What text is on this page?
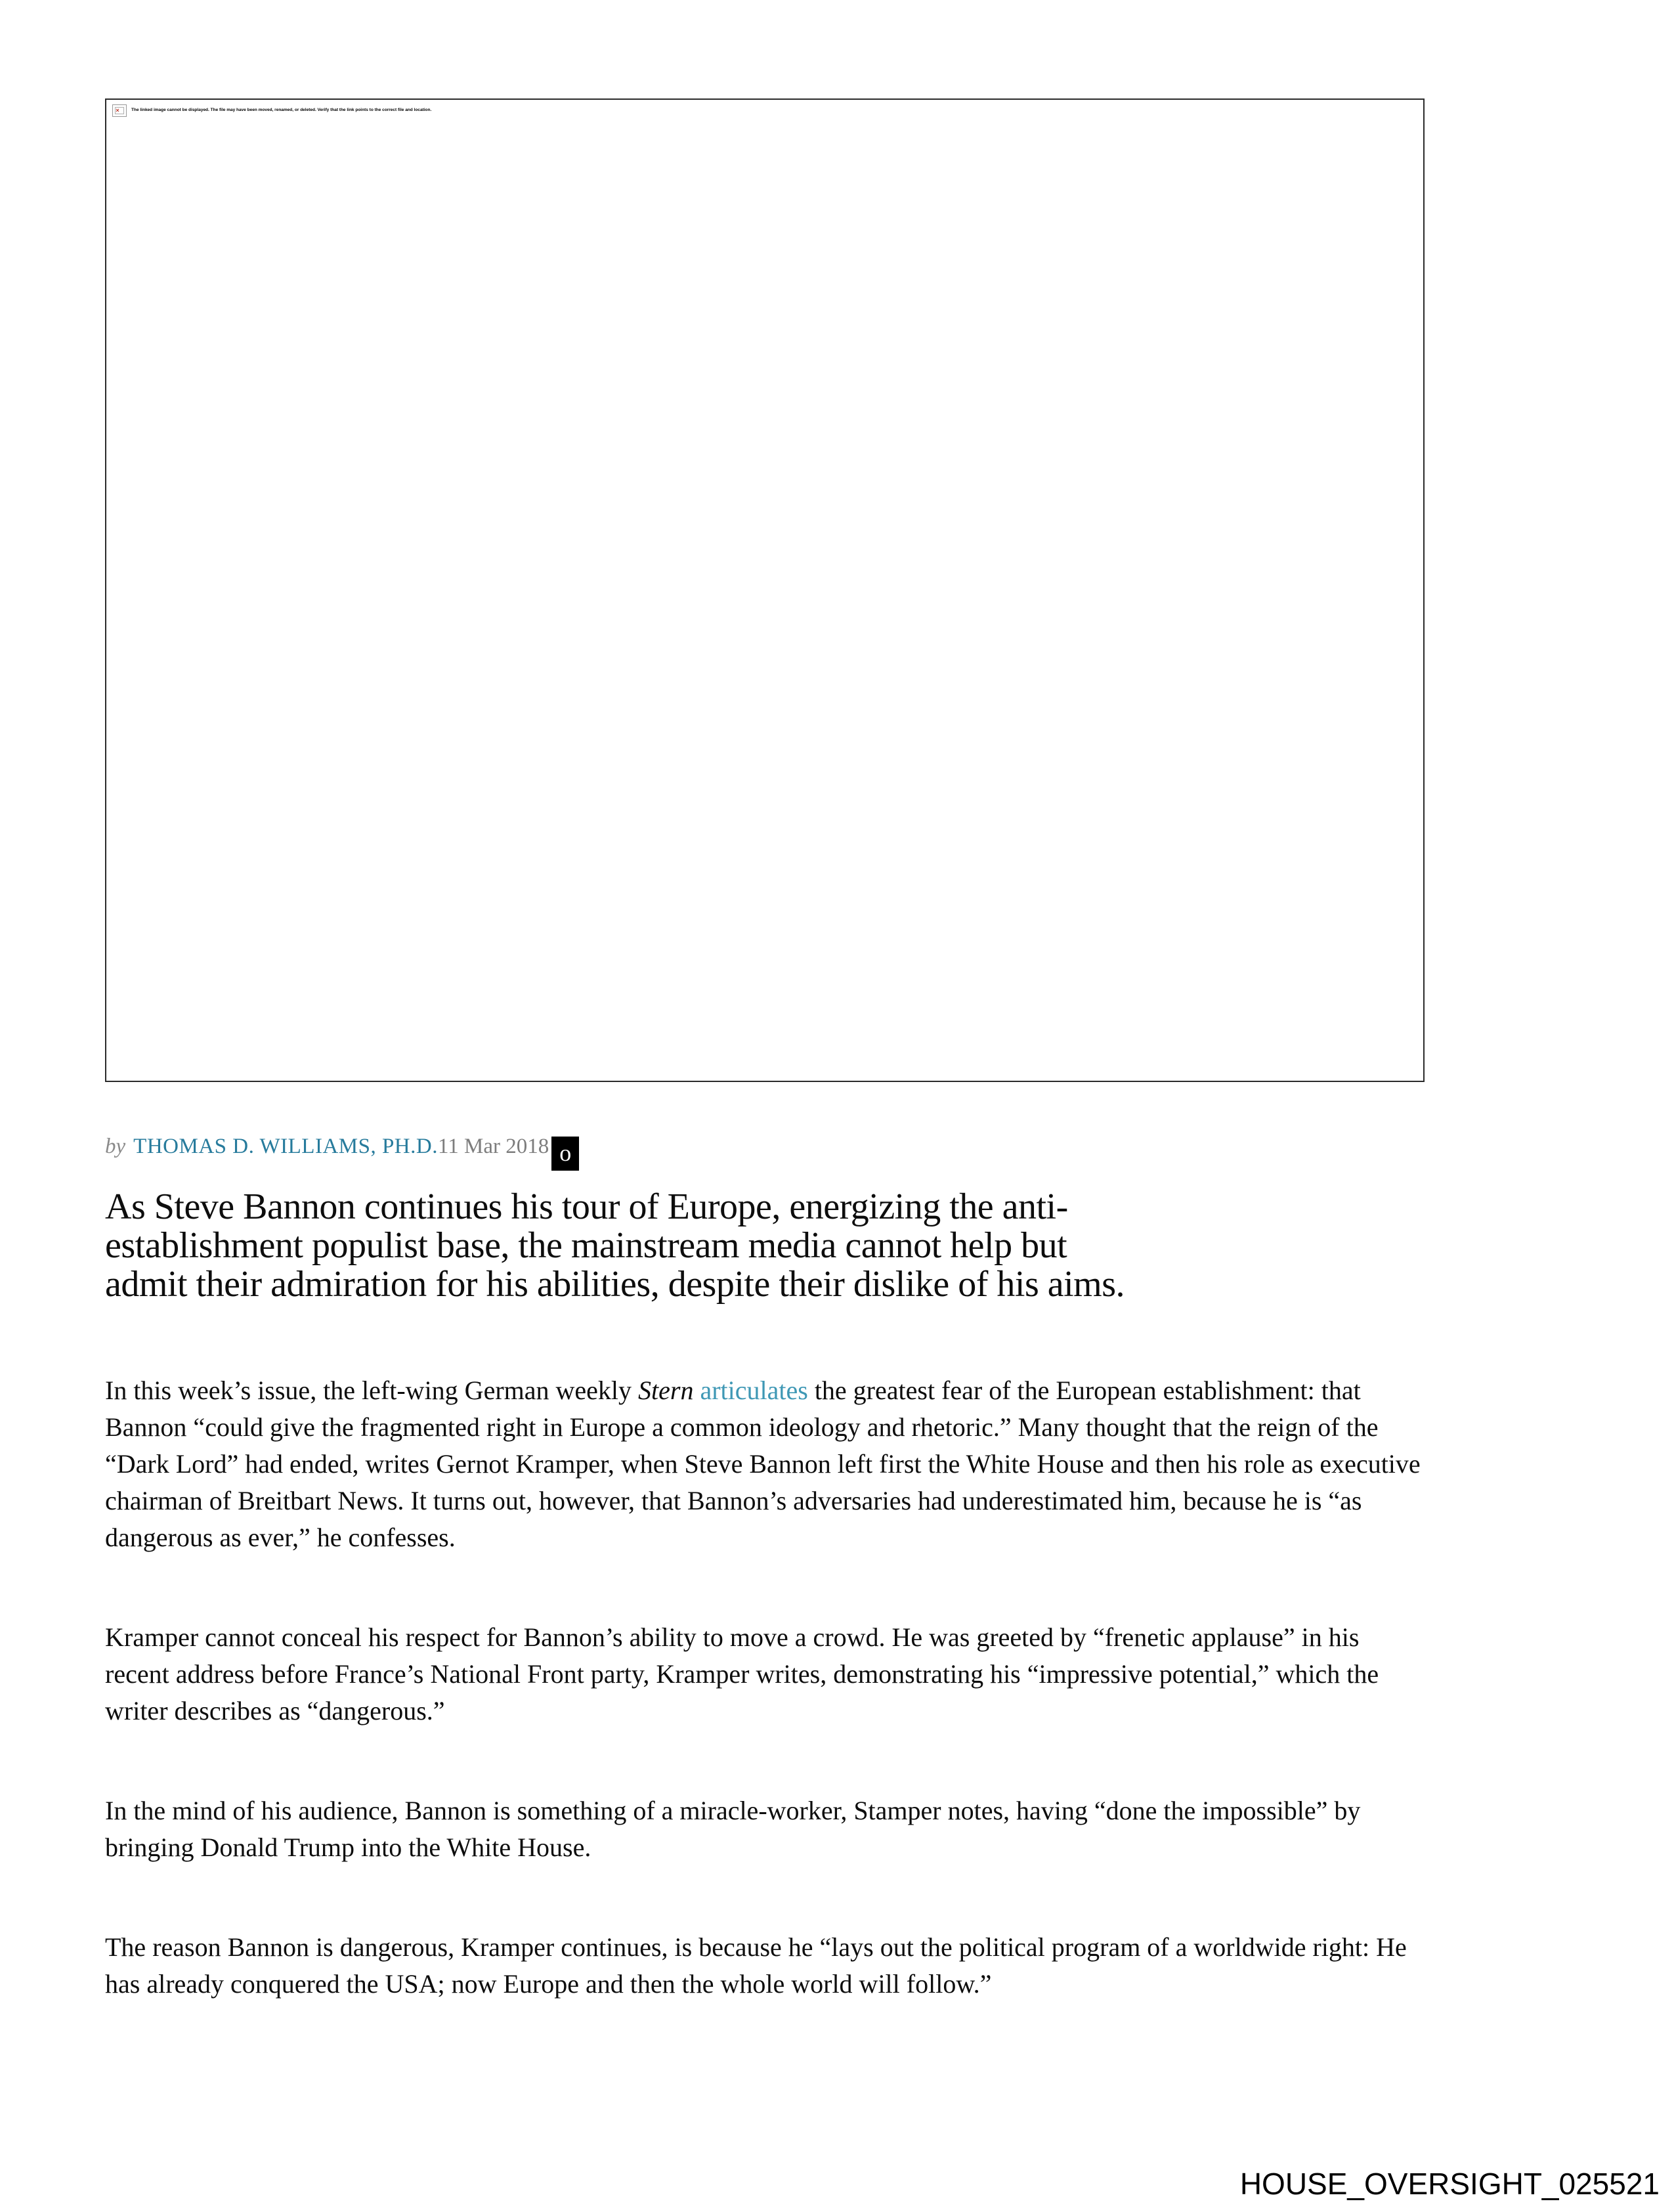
The linked image cannot be displayed. The file may have been moved, renamed, or deleted. Verify that the link points to the correct file and location.
by THOMAS D. WILLIAMS, PH.D.11 Mar 2018 o
As Steve Bannon continues his tour of Europe, energizing the anti-
establishment populist base, the mainstream media cannot help but
admit their admiration for his abilities, despite their dislike of his aims.

In this week’s issue, the left-wing German weekly Stern articulates the greatest fear of the European establishment: that Bannon “could give the fragmented right in Europe a common ideology and rhetoric.” Many thought that the reign of the “Dark Lord” had ended, writes Gernot Kramper, when Steve Bannon left first the White House and then his role as executive chairman of Breitbart News. It turns out, however, that Bannon’s adversaries had underestimated him, because he is “as dangerous as ever,” he confesses.

Kramper cannot conceal his respect for Bannon’s ability to move a crowd. He was greeted by “frenetic applause” in his recent address before France’s National Front party, Kramper writes, demonstrating his “impressive potential,” which the writer describes as “dangerous.”

In the mind of his audience, Bannon is something of a miracle-worker, Stamper notes, having “done the impossible” by bringing Donald Trump into the White House.

The reason Bannon is dangerous, Kramper continues, is because he “lays out the political program of a worldwide right: He has already conquered the USA; now Europe and then the whole world will follow.”

HOUSE_OVERSIGHT_025521
